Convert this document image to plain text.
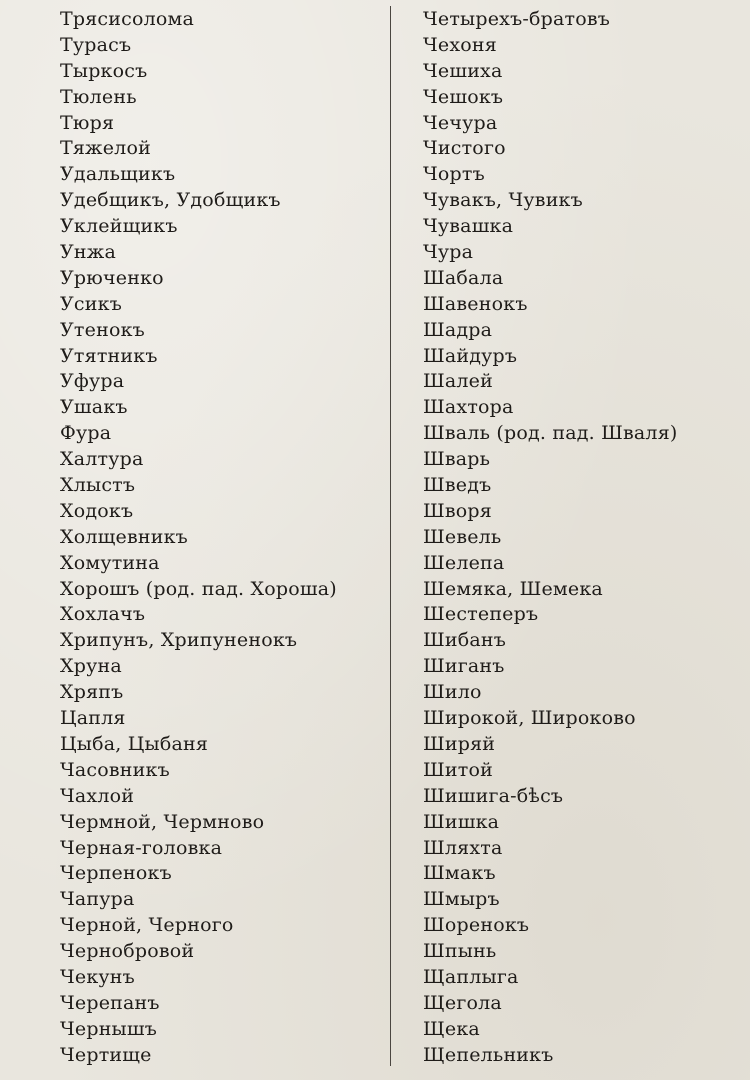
Трясисолома
Турасъ
Тыркосъ
Тюлень
Тюря
Тяжелой
Удальщикъ
Удебщикъ, Удобщикъ
Уклейщикъ
Унжа
Урюченко
Усикъ
Утенокъ
Утятникъ
Уфура
Ушакъ
Фура
Халтура
Хлыстъ
Ходокъ
Холщевникъ
Хомутина
Хорошъ (род. пад. Хороша)
Хохлачъ
Хрипунъ, Хрипуненокъ
Хруна
Хряпъ
Цапля
Цыба, Цыбаня
Часовникъ
Чахлой
Чермной, Чермново
Черная-головка
Черпенокъ
Чапура
Черной, Черного
Чернобровой
Чекунъ
Черепанъ
Чернышъ
Чертище
Четырехъ-братовъ
Чехоня
Чешиха
Чешокъ
Чечура
Чистого
Чортъ
Чувакъ, Чувикъ
Чувашка
Чура
Шабала
Шавенокъ
Шадра
Шайдуръ
Шалей
Шахтора
Шваль (род. пад. Шваля)
Шварь
Шведъ
Шворя
Шевель
Шелепа
Шемяка, Шемека
Шестеперъ
Шибанъ
Шиганъ
Шило
Широкой, Широково
Ширяй
Шитой
Шишига-бѣсъ
Шишка
Шляхта
Шмакъ
Шмыръ
Шоренокъ
Шпынь
Щаплыга
Щегола
Щека
Щепельникъ
